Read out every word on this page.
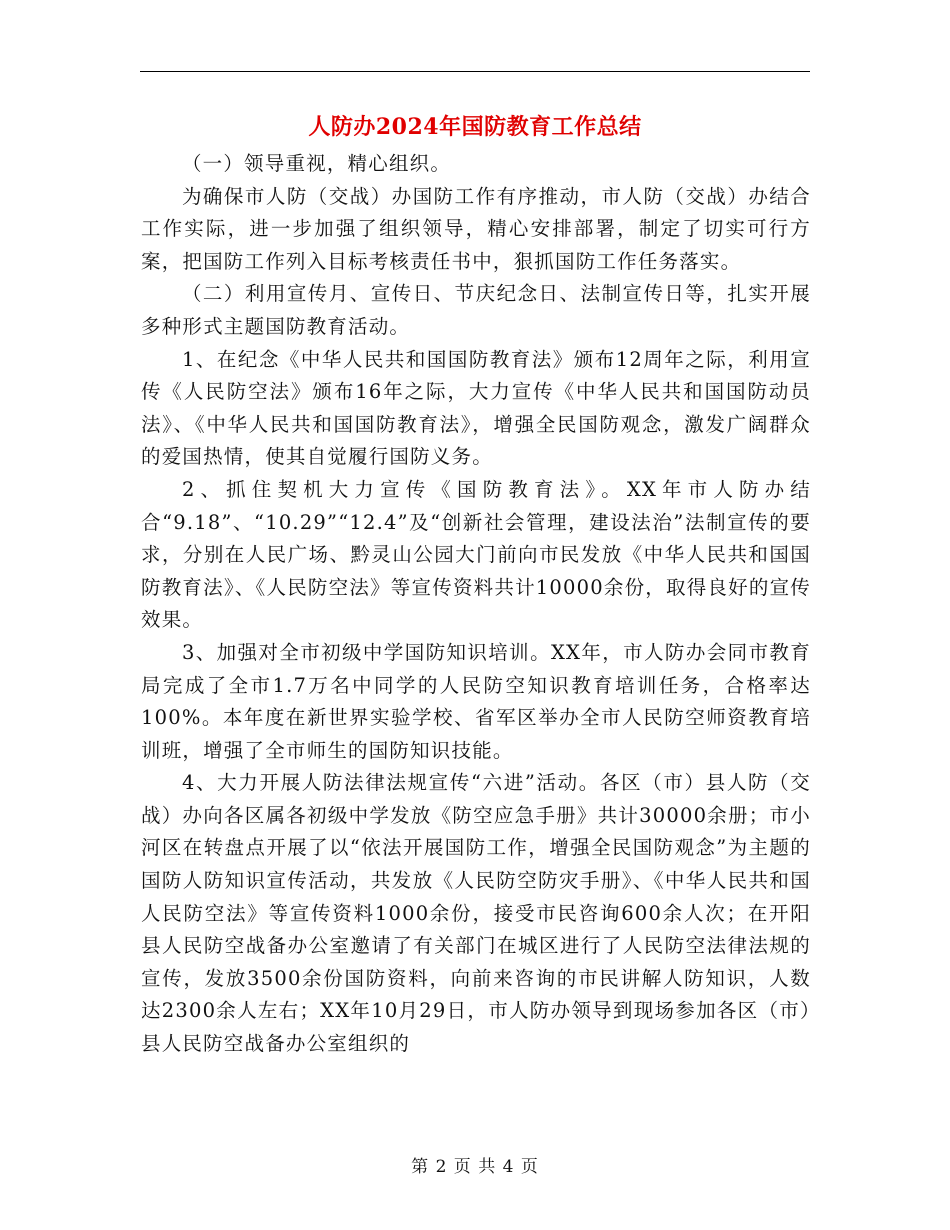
人防办2024年国防教育工作总结

（一）领导重视，精心组织。

为确保市人防（交战）办国防工作有序推动，市人防（交战）办结合工作实际，进一步加强了组织领导，精心安排部署，制定了切实可行方案，把国防工作列入目标考核责任书中，狠抓国防工作任务落实。

（二）利用宣传月、宣传日、节庆纪念日、法制宣传日等，扎实开展多种形式主题国防教育活动。

1、在纪念《中华人民共和国国防教育法》颁布12周年之际，利用宣传《人民防空法》颁布16年之际，大力宣传《中华人民共和国国防动员法》、《中华人民共和国国防教育法》，增强全民国防观念，激发广阔群众的爱国热情，使其自觉履行国防义务。

2、抓住契机大力宣传《国防教育法》。XX年市人防办结合“9.18”、“10.29”“12.4”及“创新社会管理，建设法治”法制宣传的要求，分别在人民广场、黔灵山公园大门前向市民发放《中华人民共和国国防教育法》、《人民防空法》等宣传资料共计10000余份，取得良好的宣传效果。

3、加强对全市初级中学国防知识培训。XX年，市人防办会同市教育局完成了全市1.7万名中同学的人民防空知识教育培训任务，合格率达100%。本年度在新世界实验学校、省军区举办全市人民防空师资教育培训班，增强了全市师生的国防知识技能。

4、大力开展人防法律法规宣传“六进”活动。各区（市）县人防（交战）办向各区属各初级中学发放《防空应急手册》共计30000余册；市小河区在转盘点开展了以“依法开展国防工作，增强全民国防观念”为主题的国防人防知识宣传活动，共发放《人民防空防灾手册》、《中华人民共和国人民防空法》等宣传资料1000余份，接受市民咨询600余人次；在开阳县人民防空战备办公室邀请了有关部门在城区进行了人民防空法律法规的宣传，发放3500余份国防资料，向前来咨询的市民讲解人防知识，人数达2300余人左右；XX年10月29日，市人防办领导到现场参加各区（市）县人民防空战备办公室组织的

第 2 页 共 4 页
